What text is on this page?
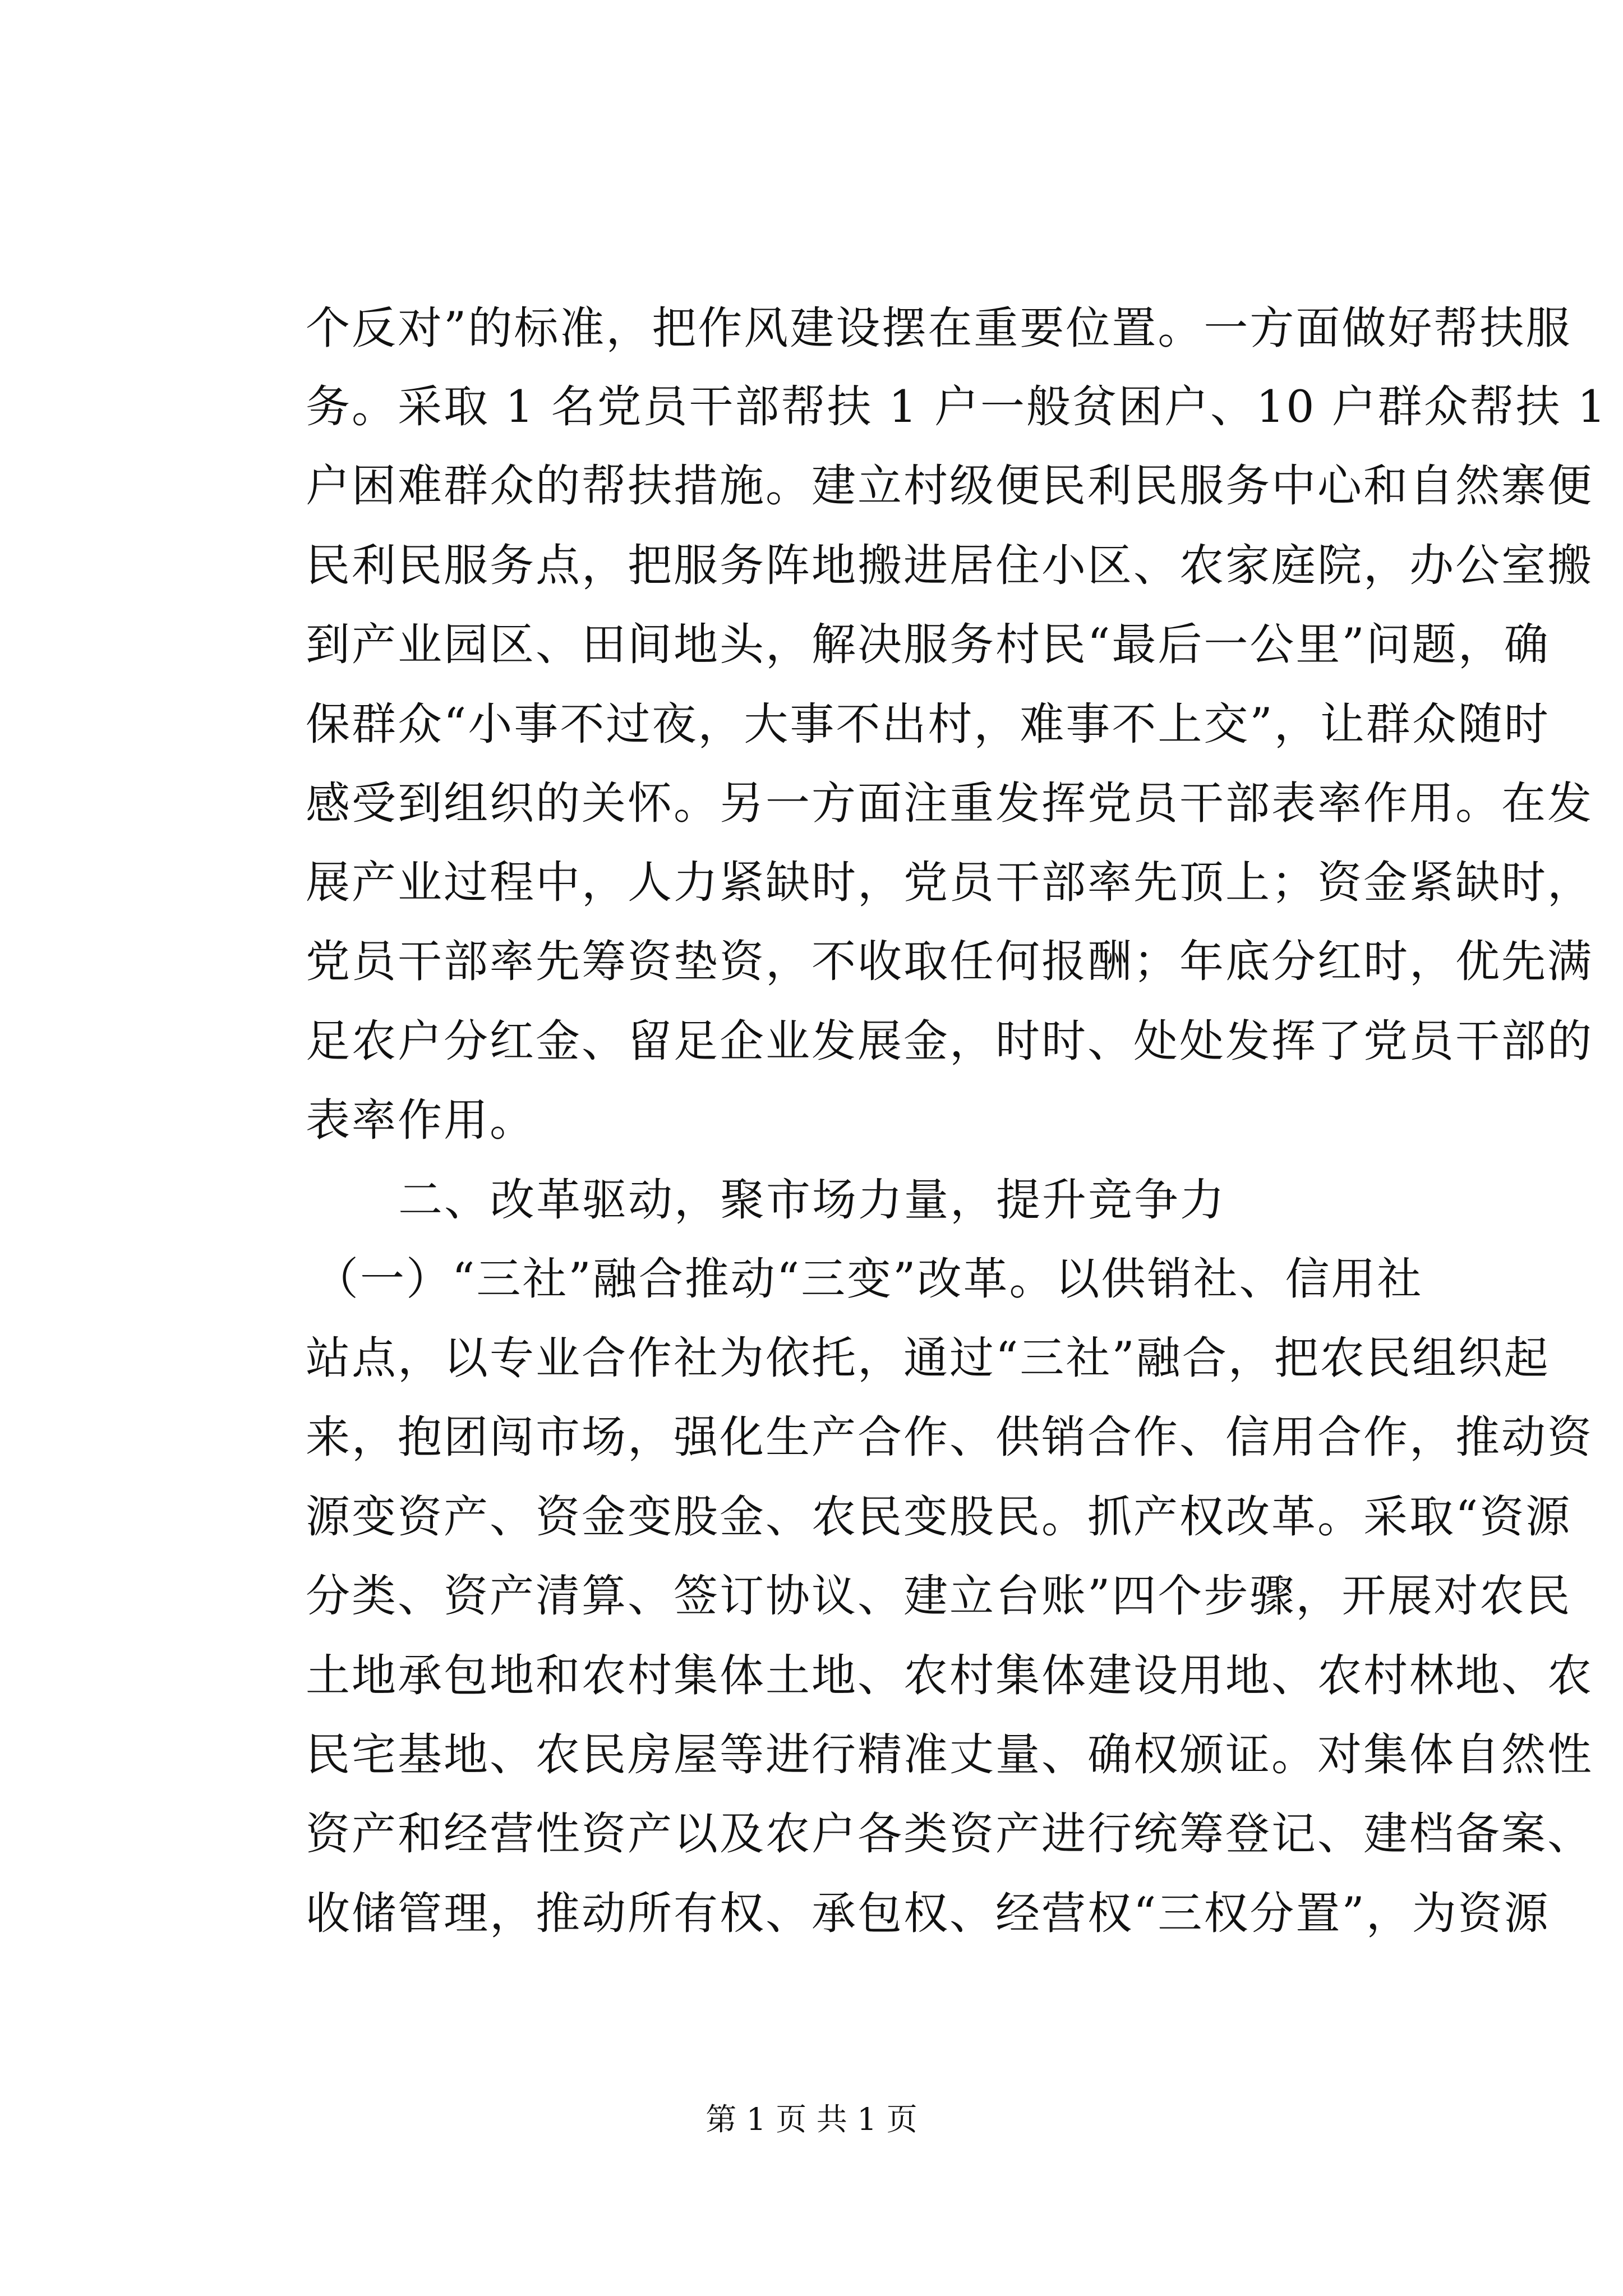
个反对”的标准，把作风建设摆在重要位置。一方面做好帮扶服
务。采取 1 名党员干部帮扶 1 户一般贫困户、10 户群众帮扶 1
户困难群众的帮扶措施。建立村级便民利民服务中心和自然寨便
民利民服务点，把服务阵地搬进居住小区、农家庭院，办公室搬
到产业园区、田间地头，解决服务村民“最后一公里”问题，确
保群众“小事不过夜，大事不出村，难事不上交”，让群众随时
感受到组织的关怀。另一方面注重发挥党员干部表率作用。在发
展产业过程中，人力紧缺时，党员干部率先顶上；资金紧缺时，
党员干部率先筹资垫资，不收取任何报酬；年底分红时，优先满
足农户分红金、留足企业发展金，时时、处处发挥了党员干部的
表率作用。
二、改革驱动，聚市场力量，提升竞争力
（一）“三社”融合推动“三变”改革。以供销社、信用社
站点，以专业合作社为依托，通过“三社”融合，把农民组织起
来，抱团闯市场，强化生产合作、供销合作、信用合作，推动资
源变资产、资金变股金、农民变股民。抓产权改革。采取“资源
分类、资产清算、签订协议、建立台账”四个步骤，开展对农民
土地承包地和农村集体土地、农村集体建设用地、农村林地、农
民宅基地、农民房屋等进行精准丈量、确权颁证。对集体自然性
资产和经营性资产以及农户各类资产进行统筹登记、建档备案、
收储管理，推动所有权、承包权、经营权“三权分置”，为资源
第 1 页 共 1 页
